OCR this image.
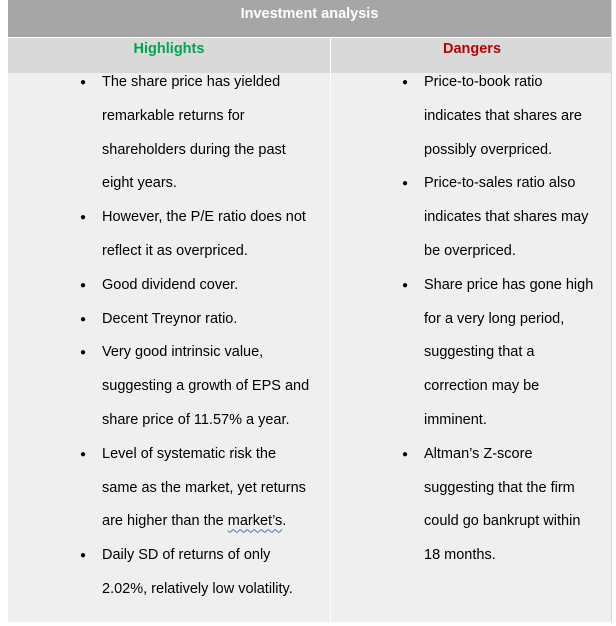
Investment analysis
Highlights	Dangers
● The share price has yielded
remarkable returns for
shareholders during the past
eight years.
● However, the P/E ratio does not
reflect it as overpriced.
● Good dividend cover.
● Decent Treynor ratio.
● Very good intrinsic value,
suggesting a growth of EPS and
share price of 11.57% a year.
● Level of systematic risk the
same as the market, yet returns
are higher than the market’s.
● Daily SD of returns of only
2.02%, relatively low volatility.
● Price-to-book ratio
indicates that shares are
possibly overpriced.
● Price-to-sales ratio also
indicates that shares may
be overpriced.
● Share price has gone high
for a very long period,
suggesting that a
correction may be
imminent.
● Altman’s Z-score
suggesting that the firm
could go bankrupt within
18 months.
